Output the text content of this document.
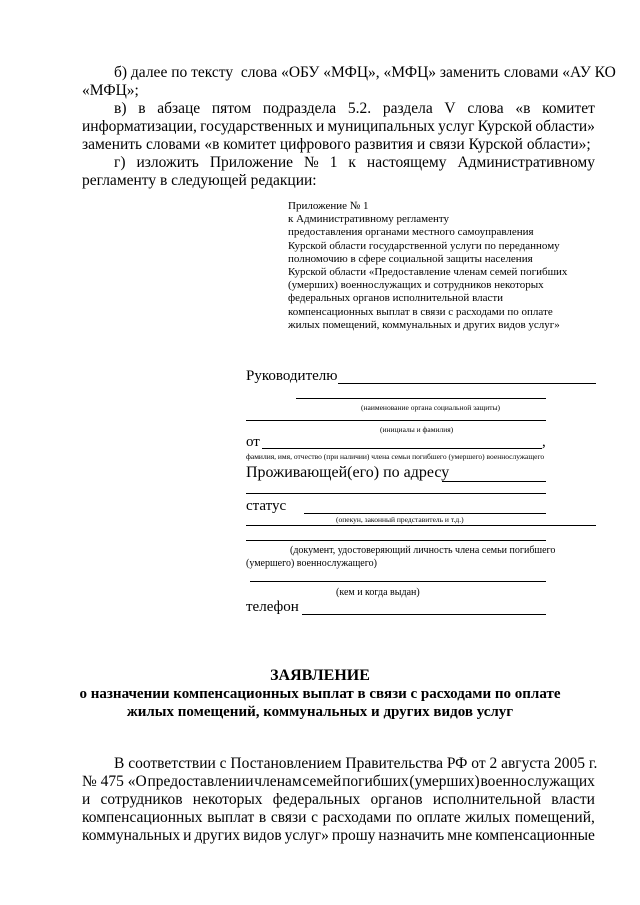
б) далее по тексту слова «ОБУ «МФЦ», «МФЦ» заменить словами «АУ КО
«МФЦ»;
в) в абзаце пятом подраздела 5.2. раздела V слова «в комитет
информатизации, государственных и муниципальных услуг Курской области»
заменить словами «в комитет цифрового развития и связи Курской области»;
г) изложить Приложение № 1 к настоящему Административному
регламенту в следующей редакции:
Приложение № 1
к Административному регламенту
предоставления органами местного самоуправления
Курской области государственной услуги по переданному
полномочию в сфере социальной защиты населения
Курской области «Предоставление членам семей погибших
(умерших) военнослужащих и сотрудников некоторых
федеральных органов исполнительной власти
компенсационных выплат в связи с расходами по оплате
жилых помещений, коммунальных и других видов услуг»
Руководителю
(наименование органа социальной защиты)
(инициалы и фамилия)
от	,
фамилия, имя, отчество (при наличии) члена семьи погибшего (умершего) военнослужащего
Проживающей(его) по адресу
статус
(опекун, законный представитель и т.д.)
(документ, удостоверяющий личность члена семьи погибшего
(умершего) военнослужащего)
(кем и когда выдан)
телефон
ЗАЯВЛЕНИЕ
о назначении компенсационных выплат в связи с расходами по оплате
жилых помещений, коммунальных и других видов услуг
В соответствии с Постановлением Правительства РФ от 2 августа 2005 г.
№ 475 «О предоставлении членам семей погибших (умерших) военнослужащих
и сотрудников некоторых федеральных органов исполнительной власти
компенсационных выплат в связи с расходами по оплате жилых помещений,
коммунальных и других видов услуг» прошу назначить мне компенсационные
